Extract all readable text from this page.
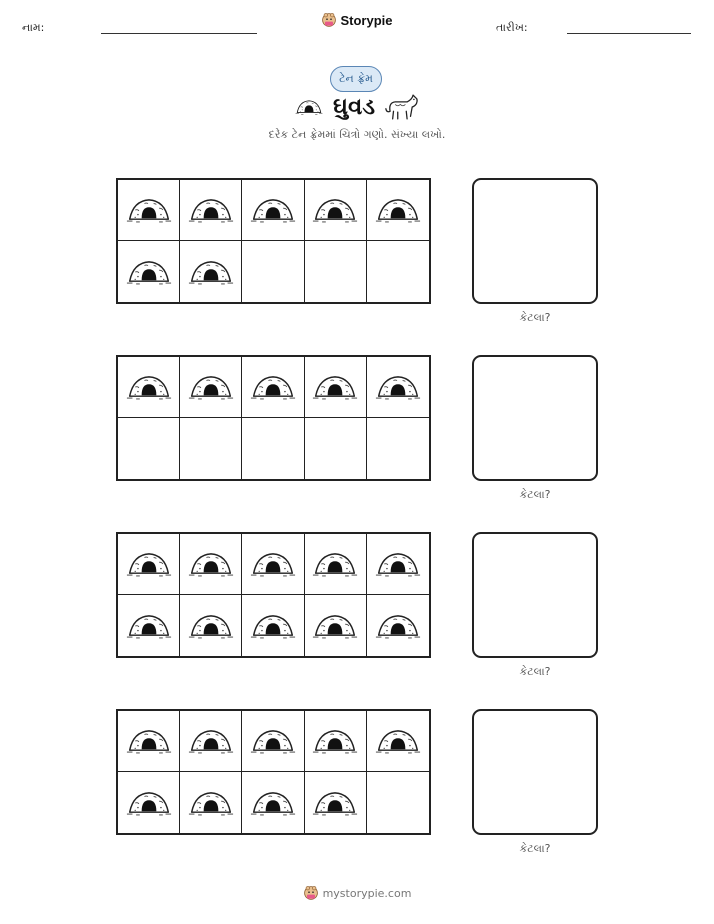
નામ:	Storypie	તારીખ:
ટેન ફ્રેમ
ઘુવડ
દરેક ટેન ફ્રેમમાં ચિત્રો ગણો. સંખ્યા લખો.
કેટલા?
કેટલા?
કેટલા?
કેટલા?
mystorypie.com
